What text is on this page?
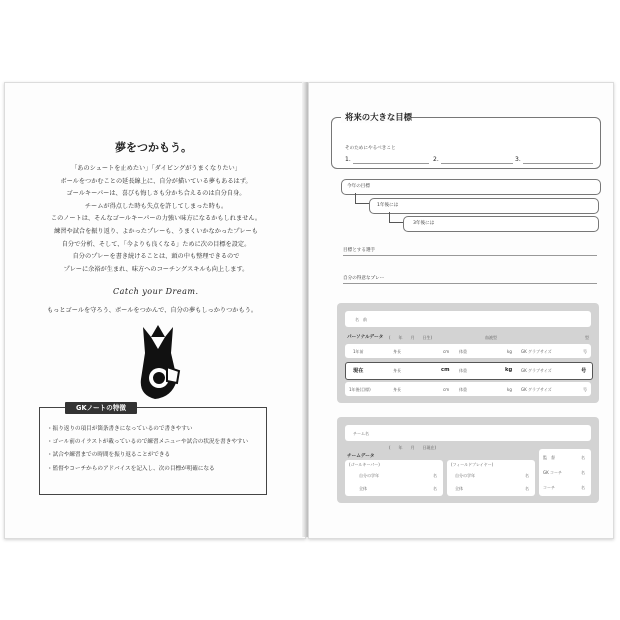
夢をつかもう。
「あのシュートを止めたい」「ダイビングがうまくなりたい」
ボールをつかむことの延長線上に、自分が描いている夢もあるはず。
ゴールキーパーは、喜びも悔しさも分かち合えるのは自分自身。
チームが得点した時も失点を許してしまった時も。
このノートは、そんなゴールキーパーの力強い味方になるかもしれません。
練習や試合を振り返り、よかったプレーも、うまくいかなかったプレーも
自分で分析、そして、「今よりも良くなる」ために次の目標を設定。
自分のプレーを書き続けることは、頭の中も整理できるので
プレーに余裕が生まれ、味方へのコーチングスキルも向上します。
Catch your Dream.
もっとゴールを守ろう、ボールをつかんで、自分の夢もしっかりつかもう。
GKノートの特徴
・振り返りの項目が箇条書きになっているので書きやすい
・ゴール前のイラストが載っているので練習メニューや試合の状況を書きやすい
・試合や練習までの時間を振り返ることができる
・監督やコーチからのアドバイスを記入し、次の目標が明確になる
将来の大きな目標
そのためにやるべきこと
1.	2.	3.
今年の目標
1年後には
3年後には
目標とする選手
自分の得意なプレー
名　前
パーソナルデータ (　　年　　月　　日生)	血液型	型
1年前	身長	cm 体重	kg GK グラブサイズ	号
現在	身長	cm 体重	kg GK グラブサイズ	号
1年後(目標)	身長	cm 体重	kg GK グラブサイズ	号
チーム名
(　　年　　月　　日現在)
チームデータ
(ゴールキーパー)
自分の学年	名
全体	名
(フィールドプレイヤー)
自分の学年	名
全体	名
監　督	名
GK コーチ	名
コーチ	名
